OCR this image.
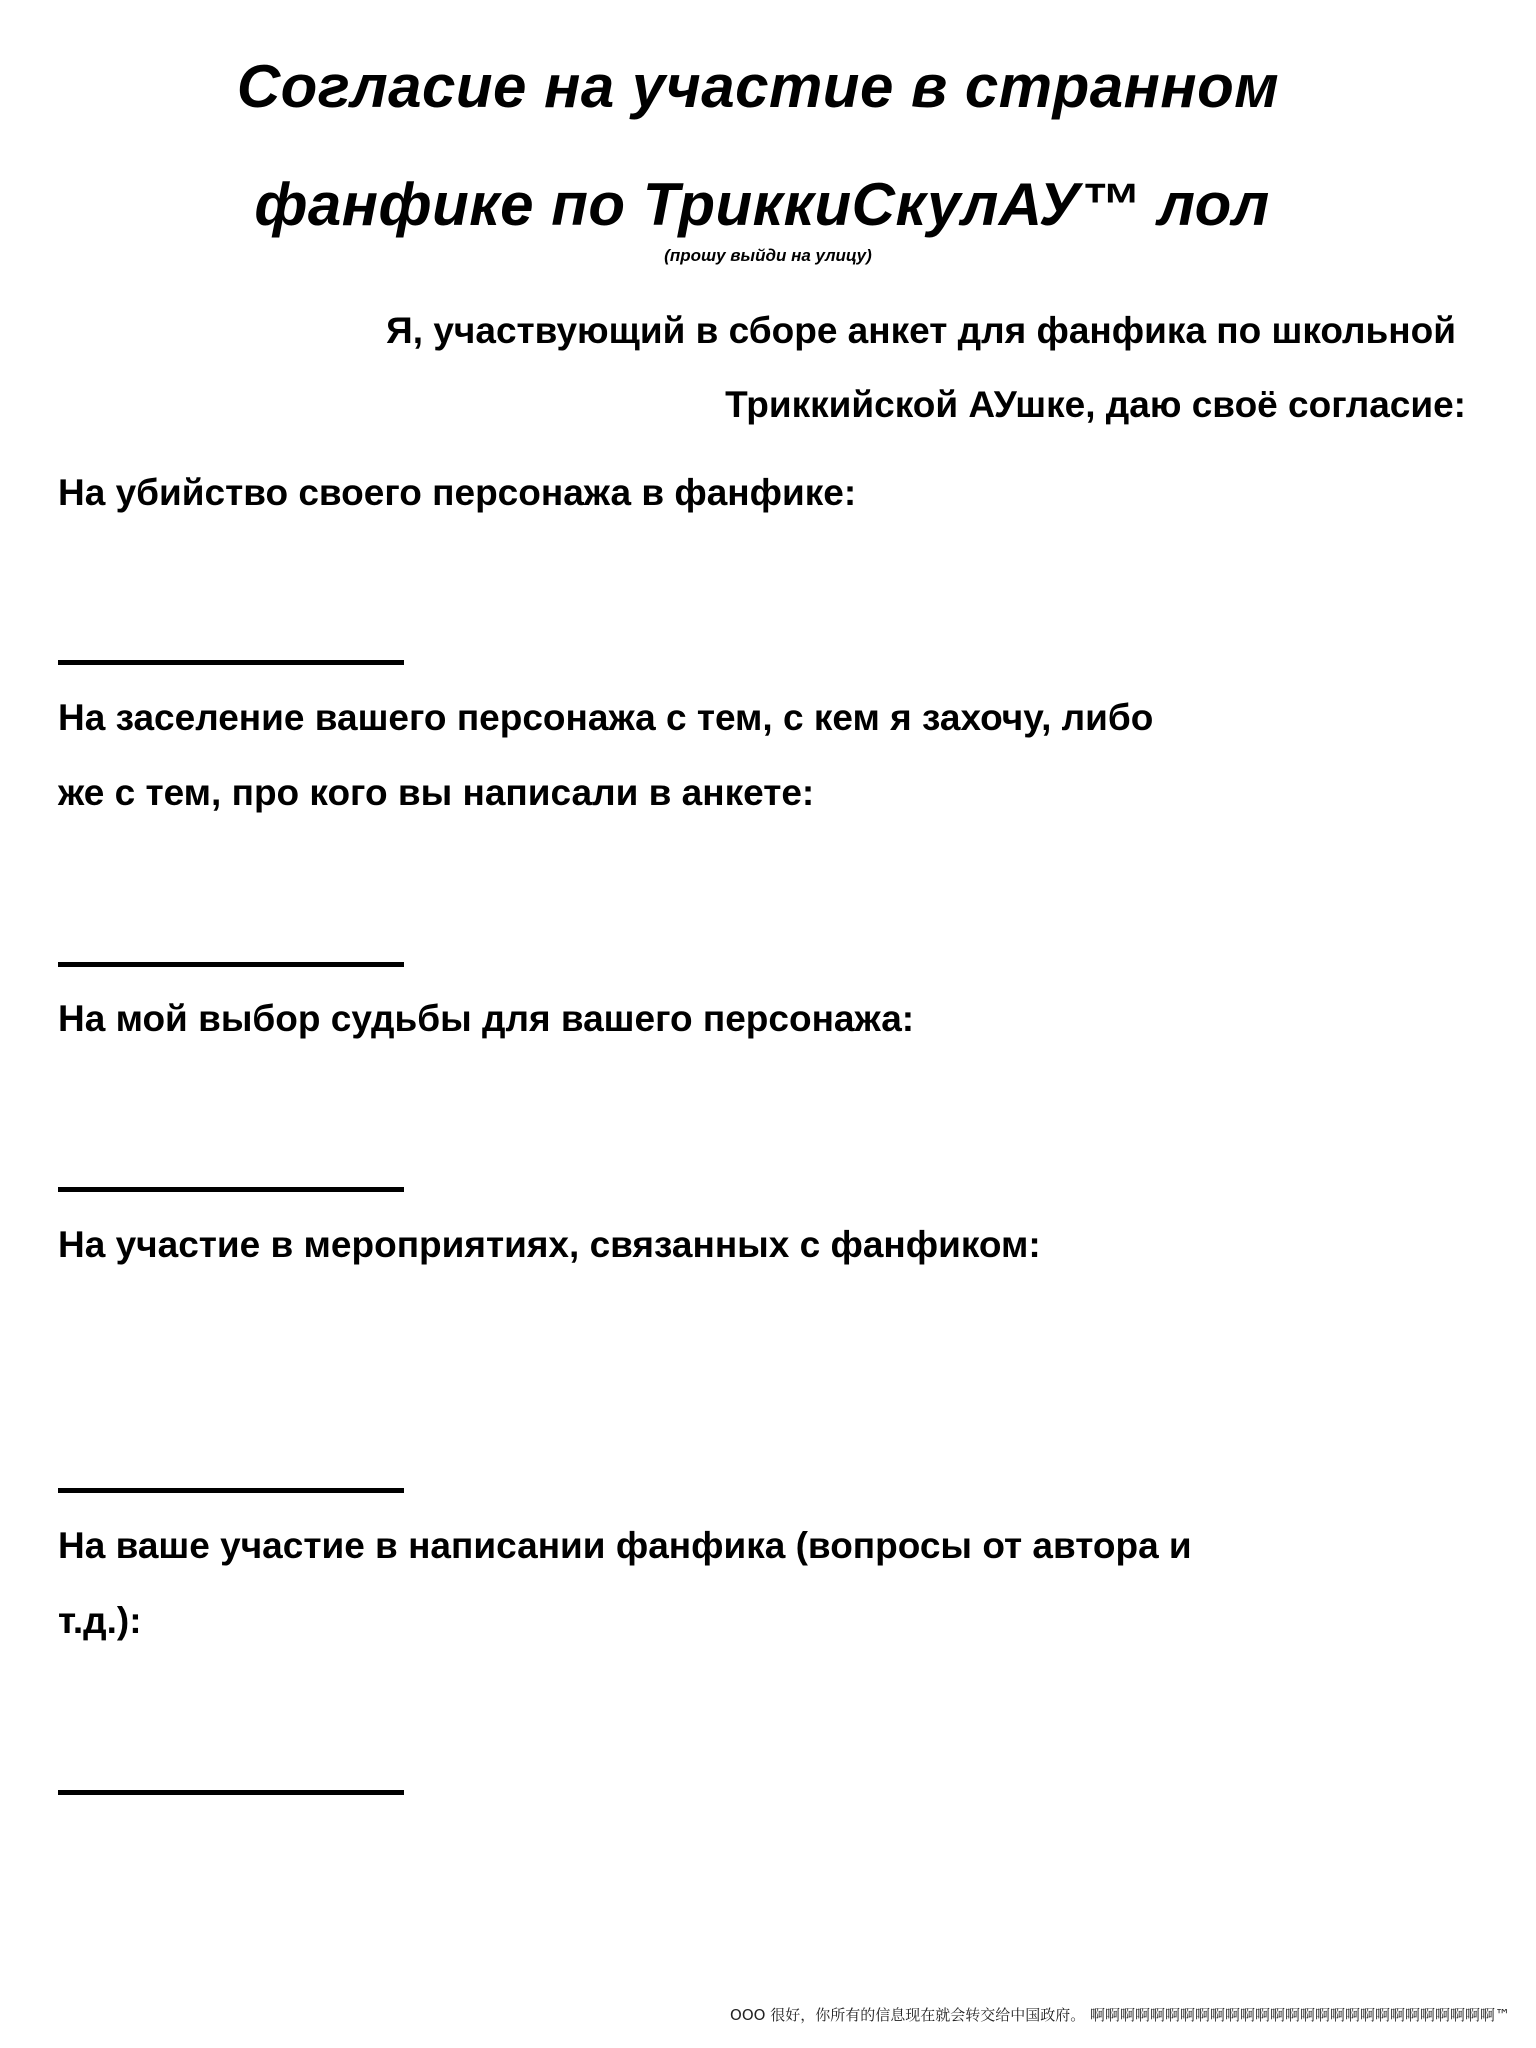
Согласие на участие в странном
фанфике по ТриккиСкулАУ™ лол
(прошу выйди на улицу)
Я, участвующий в сборе анкет для фанфика по школьной
Триккийской АУшке, даю своё согласие:
На убийство своего персонажа в фанфике:
На заселение вашего персонажа с тем, с кем я захочу, либо
же с тем, про кого вы написали в анкете:
На мой выбор судьбы для вашего персонажа:
На участие в мероприятиях, связанных с фанфиком:
На ваше участие в написании фанфика (вопросы от автора и
т.д.):
ООО 很好，你所有的信息现在就会转交给中国政府。 啊啊啊啊啊啊啊啊啊啊啊啊啊啊啊啊啊啊啊啊啊啊啊啊啊啊啊™
